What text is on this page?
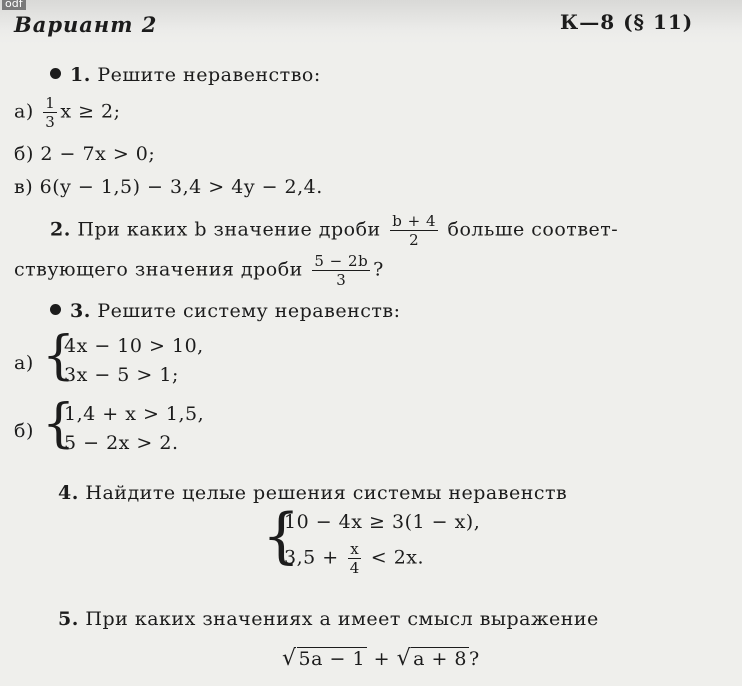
odf
Вариант 2	К—8 (§ 11)
1. Решите неравенство:
$а) \frac{1}{3}$ x ≥ 2;
б) 2 − 7x > 0;
в) 6(y − 1,5) − 3,4 > 4y − 2,4.
2. При каких b значение дроби $\frac{b + 4}{2}$ больше соответ-
ствующего значения дроби $\frac{5 - 2b}{3}$ ?
3. Решите систему неравенств:
а) {
4x − 10 > 10,
3x − 5 > 1;
б) {
1,4 + x > 1,5,
5 − 2x > 2.
4. Найдите целые решения системы неравенств
{
10 − 4x ≥ 3(1 − x),
$3,5 + \frac{x}{4} < 2x$.
5. При каких значениях a имеет смысл выражение
√ 5a − 1 + √ a + 8 ?
